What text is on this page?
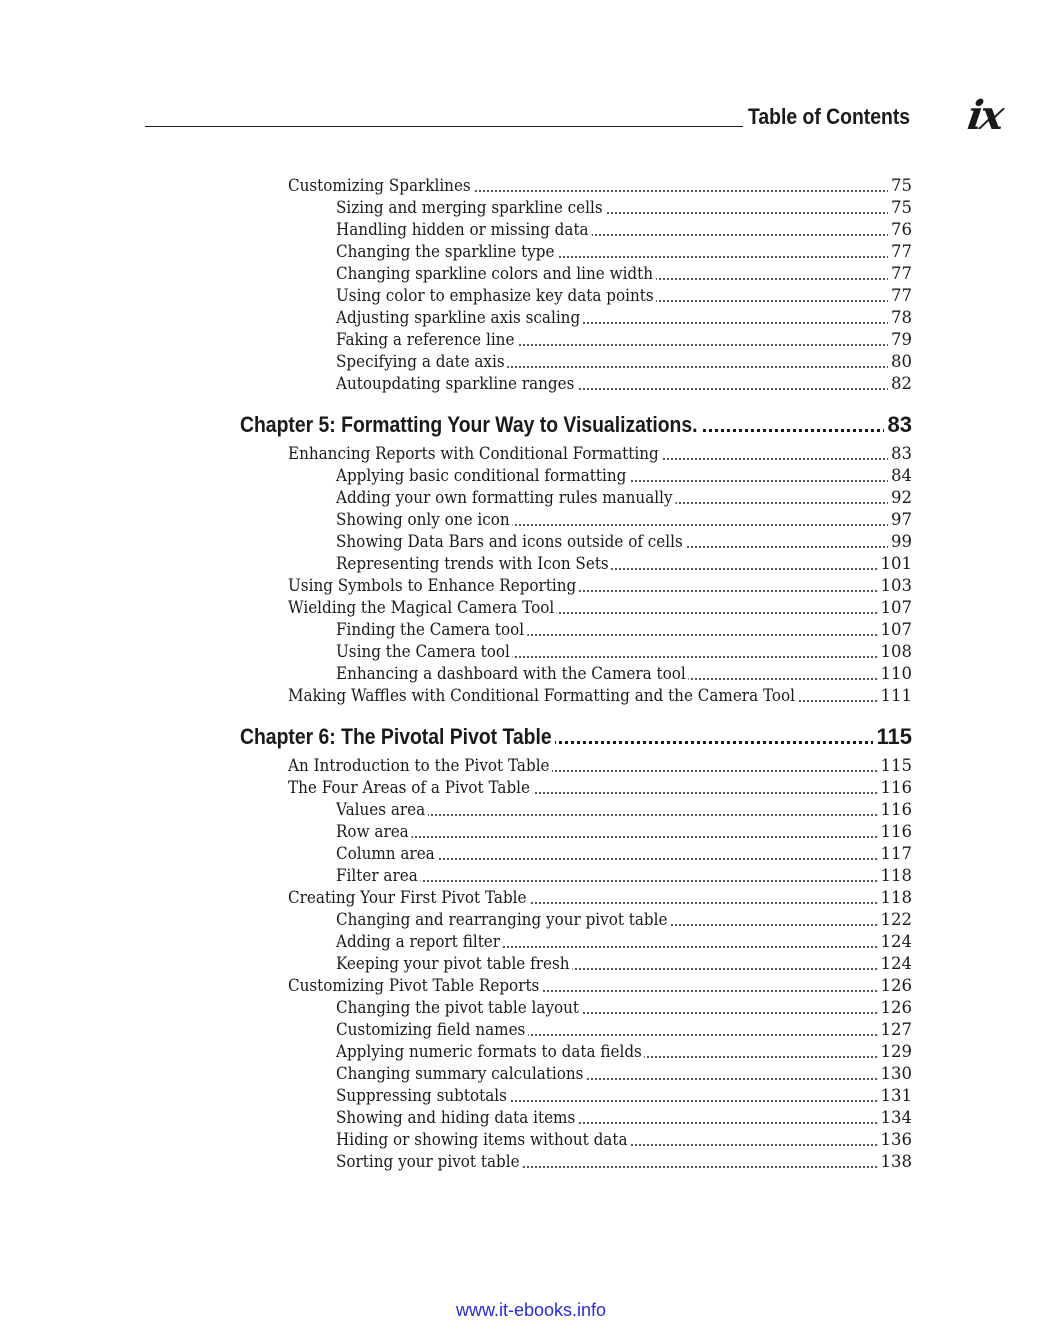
Table of Contents ix
Customizing Sparklines	75
Sizing and merging sparkline cells	75
Handling hidden or missing data	76
Changing the sparkline type	77
Changing sparkline colors and line width	77
Using color to emphasize key data points	77
Adjusting sparkline axis scaling	78
Faking a reference line	79
Specifying a date axis	80
Autoupdating sparkline ranges	82
Chapter 5: Formatting Your Way to Visualizations.	83
Enhancing Reports with Conditional Formatting	83
Applying basic conditional formatting	84
Adding your own formatting rules manually	92
Showing only one icon	97
Showing Data Bars and icons outside of cells	99
Representing trends with Icon Sets	101
Using Symbols to Enhance Reporting	103
Wielding the Magical Camera Tool	107
Finding the Camera tool	107
Using the Camera tool	108
Enhancing a dashboard with the Camera tool	110
Making Waffles with Conditional Formatting and the Camera Tool	111
Chapter 6: The Pivotal Pivot Table	115
An Introduction to the Pivot Table	115
The Four Areas of a Pivot Table	116
Values area	116
Row area	116
Column area	117
Filter area	118
Creating Your First Pivot Table	118
Changing and rearranging your pivot table	122
Adding a report filter	124
Keeping your pivot table fresh	124
Customizing Pivot Table Reports	126
Changing the pivot table layout	126
Customizing field names	127
Applying numeric formats to data fields	129
Changing summary calculations	130
Suppressing subtotals	131
Showing and hiding data items	134
Hiding or showing items without data	136
Sorting your pivot table	138
www.it-ebooks.info
